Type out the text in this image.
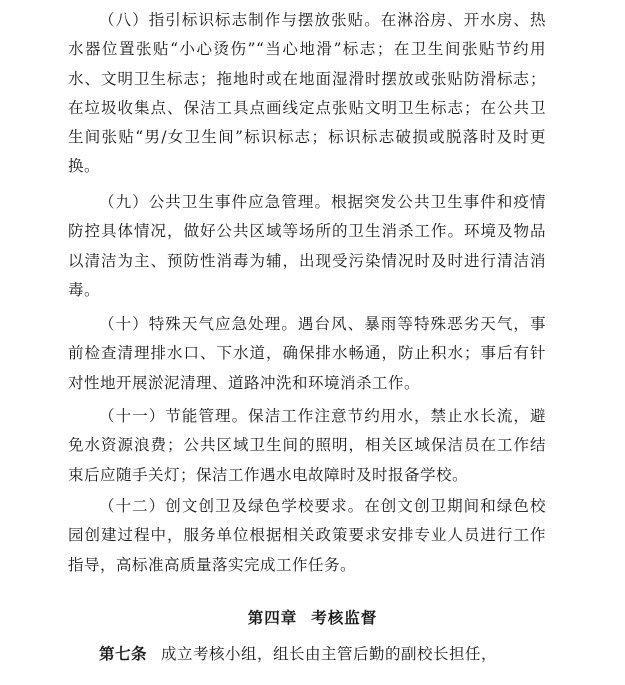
（八）指引标识标志制作与摆放张贴。在淋浴房、开水房、热水器位置张贴“小心烫伤”“当心地滑”标志；在卫生间张贴节约用水、文明卫生标志；拖地时或在地面湿滑时摆放或张贴防滑标志；在垃圾收集点、保洁工具点画线定点张贴文明卫生标志；在公共卫生间张贴“男/女卫生间”标识标志；标识标志破损或脱落时及时更换。

（九）公共卫生事件应急管理。根据突发公共卫生事件和疫情防控具体情况，做好公共区域等场所的卫生消杀工作。环境及物品以清洁为主、预防性消毒为辅，出现受污染情况时及时进行清洁消毒。

（十）特殊天气应急处理。遇台风、暴雨等特殊恶劣天气，事前检查清理排水口、下水道，确保排水畅通，防止积水；事后有针对性地开展淤泥清理、道路冲洗和环境消杀工作。

（十一）节能管理。保洁工作注意节约用水，禁止水长流，避免水资源浪费；公共区域卫生间的照明，相关区域保洁员在工作结束后应随手关灯；保洁工作遇水电故障时及时报备学校。

（十二）创文创卫及绿色学校要求。在创文创卫期间和绿色校园创建过程中，服务单位根据相关政策要求安排专业人员进行工作指导，高标准高质量落实完成工作任务。

第四章 考核监督

第七条 成立考核小组，组长由主管后勤的副校长担任，
